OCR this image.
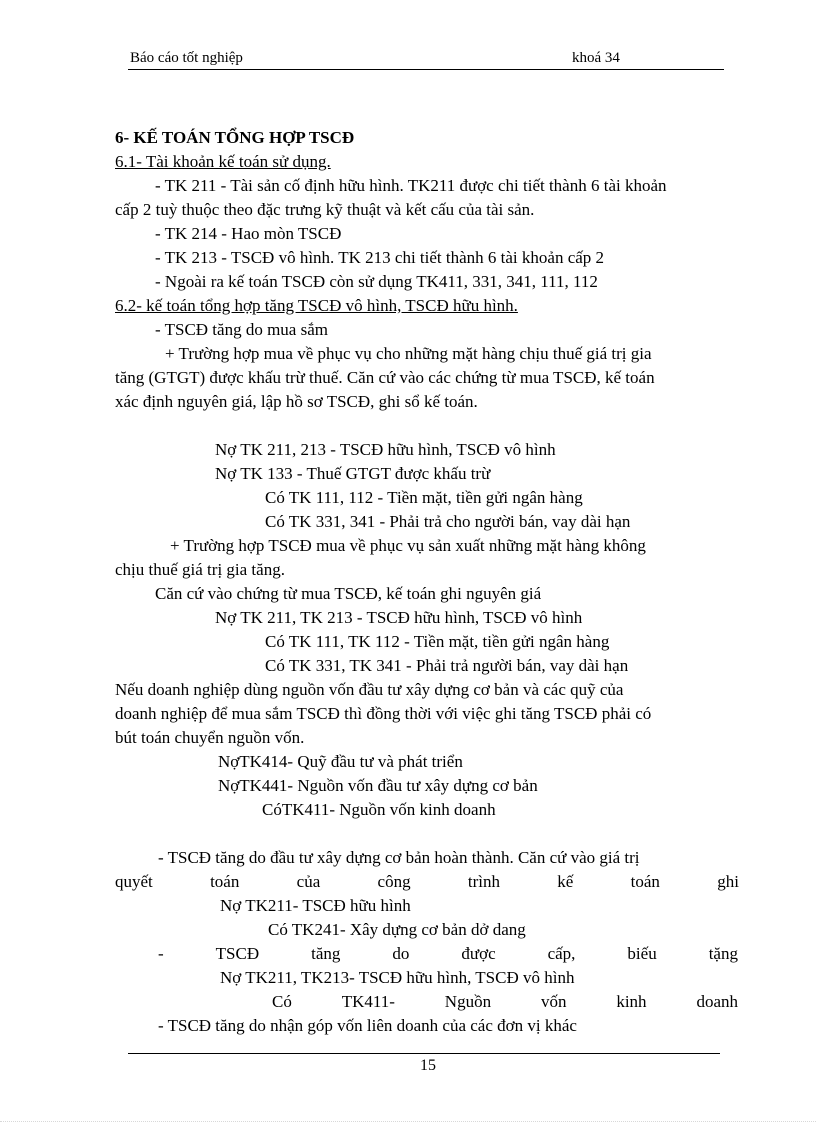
Báo cáo tốt nghiệp	khoá 34
6- KẾ TOÁN TỔNG HỢP TSCĐ
6.1- Tài khoản kế toán sử dụng.
- TK 211 - Tài sản cố định hữu hình. TK211 được chi tiết thành 6 tài khoản
cấp 2 tuỳ thuộc theo đặc trưng kỹ thuật và kết cấu của tài sản.
- TK 214 - Hao mòn TSCĐ
- TK 213 - TSCĐ vô hình. TK 213 chi tiết thành 6 tài khoản cấp 2
- Ngoài ra kế toán TSCĐ còn sử dụng TK411, 331, 341, 111, 112
6.2- kế toán tổng hợp tăng TSCĐ vô hình, TSCĐ hữu hình.
- TSCĐ tăng do mua sắm
+ Trường hợp mua về phục vụ cho những mặt hàng chịu thuế giá trị gia
tăng (GTGT) được khấu trừ thuế. Căn cứ vào các chứng từ mua TSCĐ, kế toán
xác định nguyên giá, lập hồ sơ TSCĐ, ghi sổ kế toán.
Nợ TK 211, 213 - TSCĐ hữu hình, TSCĐ vô hình
Nợ TK 133 - Thuế GTGT được khấu trừ
Có TK 111, 112 - Tiền mặt, tiền gửi ngân hàng
Có TK 331, 341 - Phải trả cho người bán, vay dài hạn
+ Trường hợp TSCĐ mua về phục vụ sản xuất những mặt hàng không
chịu thuế giá trị gia tăng.
Căn cứ vào chứng từ mua TSCĐ, kế toán ghi nguyên giá
Nợ TK 211, TK 213 - TSCĐ hữu hình, TSCĐ vô hình
Có TK 111, TK 112 - Tiền mặt, tiền gửi ngân hàng
Có TK 331, TK 341 - Phải trả người bán, vay dài hạn
Nếu doanh nghiệp dùng nguồn vốn đầu tư xây dựng cơ bản và các quỹ của
doanh nghiệp để mua sắm TSCĐ thì đồng thời với việc ghi tăng TSCĐ phải có
bút toán chuyển nguồn vốn.
NợTK414- Quỹ đầu tư và phát triển
NợTK441- Nguồn vốn đầu tư xây dựng cơ bản
CóTK411- Nguồn vốn kinh doanh
- TSCĐ tăng do đầu tư xây dựng cơ bản hoàn thành. Căn cứ vào giá trị
quyết	toán	của	công	trình	kế	toán	ghi
Nợ TK211- TSCĐ hữu hình
Có TK241- Xây dựng cơ bản dở dang
-	TSCĐ	tăng	do	được	cấp,	biếu	tặng
Nợ TK211, TK213- TSCĐ hữu hình, TSCĐ vô hình
Có	TK411-	Nguồn	vốn	kinh	doanh
- TSCĐ tăng do nhận góp vốn liên doanh của các đơn vị khác
15
